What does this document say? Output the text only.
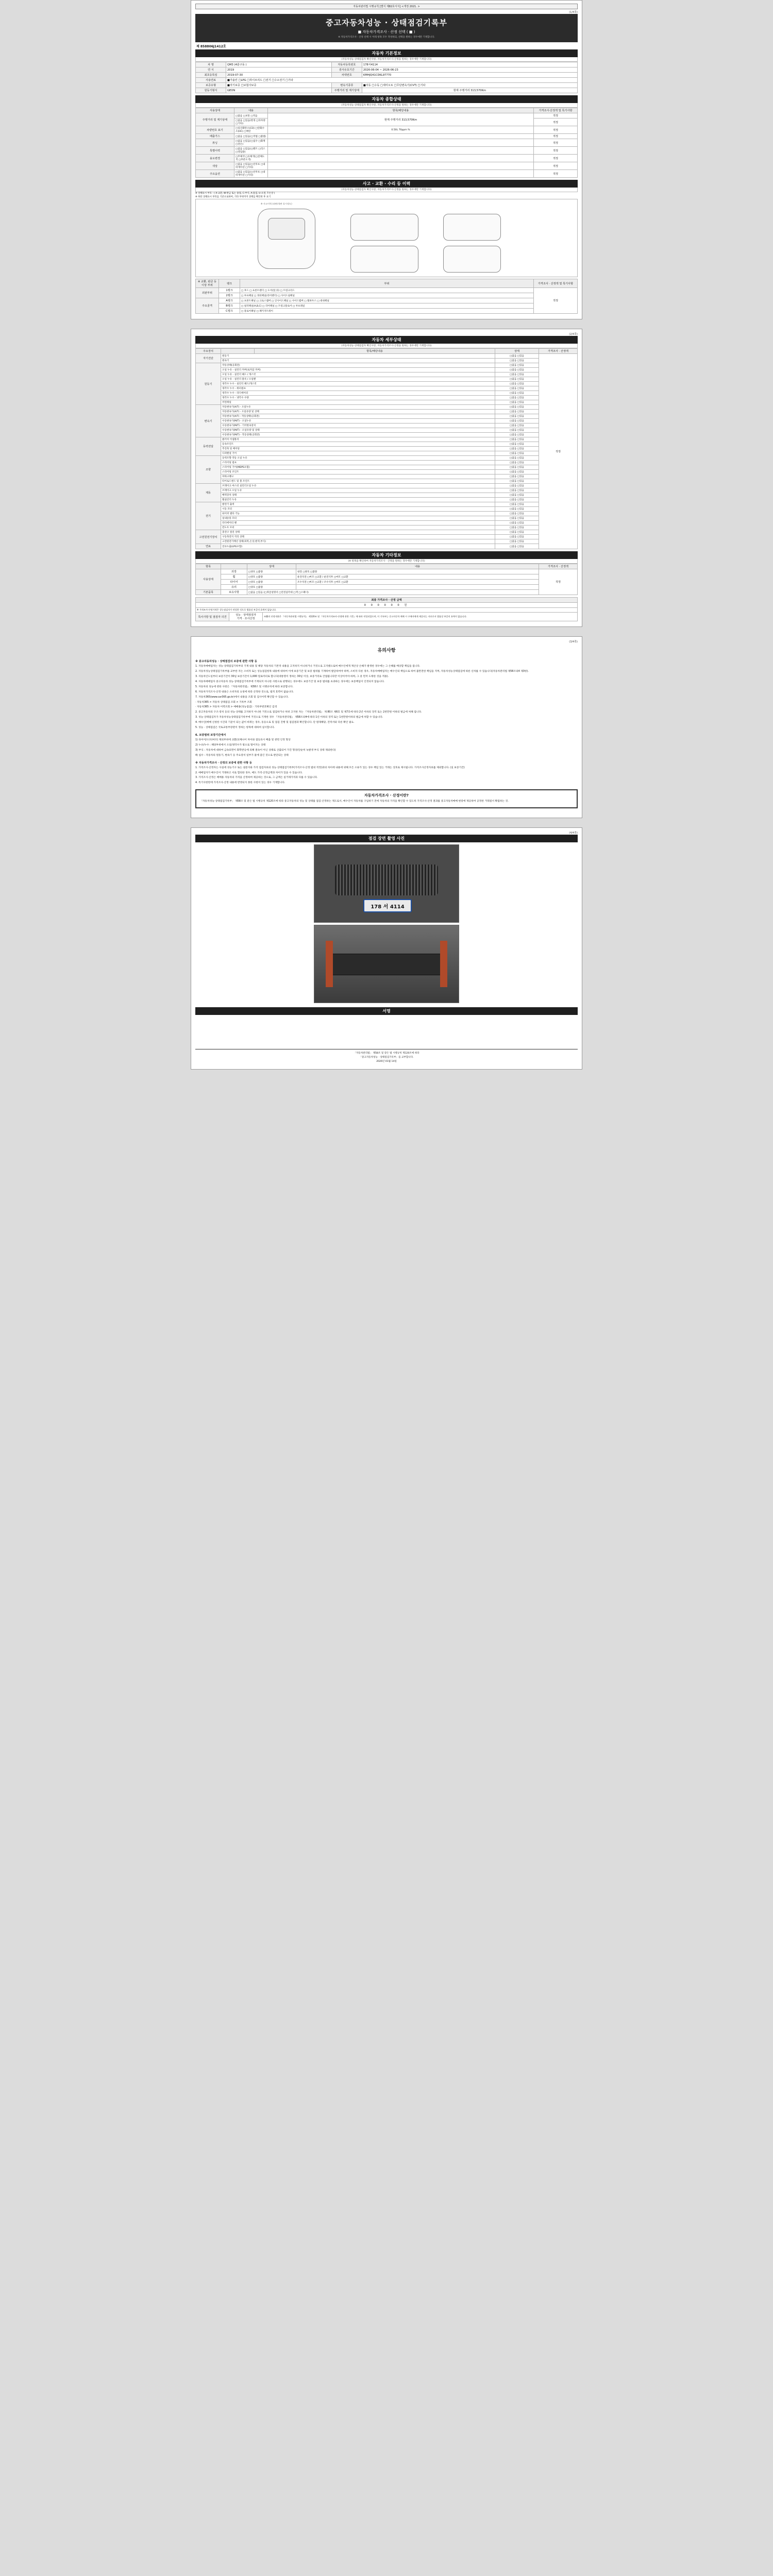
자동차관리법 시행규칙 [별지 제82호서식] <개정 2021. >
(1/4쪽)
중고자동차성능 · 상태점검기록부
■ 자동차가격조사 · 산정 선택 ( ■ )
※ 자동차가격조사 · 산정 선택 시 아래 항목 모두 작성하되, 선택을 원하는 경우에만 기재합니다.
제 858806J1412호
자동차 기본정보
(자동차성능·상태점검자 확인사항, 자동차가격조사·산정을 원하는 경우에만 기재합니다)
차 명	QM3 (4륜구동 )	자동차등록번호	178서4114
연 식	2019	검사유효기간	2026-06-04 ~ 2026-06-23
최초등록일	2019-07-30	차대번호	KMHJQ41CDKL97770
사용연료	■가솔린 □LPG □하이브리드 □전기 □수소전기 □기타		
보증유형	■자기보증 □보험사보증	변속기종류	■자동 □수동 □세미오토 □무단변속기(CVT) □기타
원동기형식	GEON	주행거리 및 계기상태	현재 주행거리 313,570Km
자동차 종합상태
(자동차성능·상태점검자 확인사항, 자동차가격조사·산정을 원하는 경우에만 기재합니다)
사용상태	내용	항목/해당내용	가격조사·산정액 및 특기사항
주행거리 및 계기상태	□많음 □보통 □적음	현재 주행거리 313,570Km	적정
	□없음 □있음(변경 □타차량 □기타)		적정
차량번호 표기	□일산화탄소(CO) □탄화수소(HC) □매연	0.50L 70ppm %	적정
배출가스	□없음 □있음(□적법 □불법)		적정
튜닝	□없음 □있음(□침수 □화재 □전손)		적정
특별이력	□없음 □있음(□렌트 □리스 □영업용)		적정
용도변경	□무채색 □유채색(□전체도색 □부분도색)		적정
색상	□없음 □있음(□선루프 □내비게이션 □기타)		적정
주요옵션	□없음 □있음(□선루프 □내비게이션 □기타)		적정
사고 · 교환 · 수리 등 이력
(자동차성능·상태점검자 확인사항, 자동차가격조사·산정을 원하는 경우에만 기재합니다)
※ 상태표시 부호 : ( X:교환, W:판금 또는 용접, C:부식, A:흠집, U:요철, T:손상 )
※ 하단 상태표시 부호를 기준으로하여, 기타 부위까지 상태를 확인한 후 표기
※ 사고이력 (외판/내판 표시정도)
※ 교환, 판금 등 이상 부위	랭크	부위	가격조사 · 산정액 및 특기사항
외판부위	1랭크	□ 후드 □ 프론트펜더 □ 도어(앞,뒤) □ 트렁크리드	적정
	2랭크	□ 루프패널 □ 쿼터패널(리어펜더) □ 사이드실패널	
주요골격	A랭크	□ 프론트패널 □ 크로스멤버 □ 인사이드패널 □ 사이드멤버 □ 휠하우스 □ 대쉬패널	
	B랭크	□ 필러패널(A,B,C) □ 리어패널 □ 트렁크플로어 □ 루프레일	
	C랭크	□ 플로어패널 □ 패키지트레이	
(2/4쪽)
자동차 세부상태
(자동차성능·상태점검자 확인사항, 자동차가격조사·산정을 원하는 경우에만 기재합니다)
주요장치		항목/해당내용	상태	가격조사 · 산정액
자기진단	원동기		□없음 □있음	적정
	변속기		□없음 □있음	
원동기	작동상태(공회전)		□없음 □있음	
	오일 누유 - 실린더 커버(로커암 커버)		□없음 □있음	
	오일 누유 - 실린더 헤드 / 개스킷		□없음 □있음	
	오일 누유 - 실린더 블록 / 오일팬		□없음 □있음	
	냉각수 누수 - 실린더 헤드/개스킷		□없음 □있음	
	냉각수 누수 - 워터펌프		□없음 □있음	
	냉각수 누수 - 라디에이터		□없음 □있음	
	냉각수 누수 - 냉각수 수량		□없음 □있음	
	커먼레일		□없음 □있음	
변속기	자동변속기(A/T) - 오일누유		□없음 □있음	
	자동변속기(A/T) - 오일유량 및 상태		□없음 □있음	
	자동변속기(A/T) - 작동상태(공회전)		□없음 □있음	
	수동변속기(M/T) - 오일누유		□없음 □있음	
	수동변속기(M/T) - 기어변속장치		□없음 □있음	
	수동변속기(M/T) - 오일유량 및 상태		□없음 □있음	
	수동변속기(M/T) - 작동상태(공회전)		□없음 □있음	
동력전달	클러치 어셈블리		□없음 □있음	
	등속조인트		□없음 □있음	
	추진축 및 베어링		□없음 □있음	
	디퍼렌셜 기어		□없음 □있음	
조향	동력조향 작동 오일 누유		□없음 □있음	
	스티어링 펌프		□없음 □있음	
	스티어링 기어(MDPS포함)		□없음 □있음	
	스티어링 조인트		□없음 □있음	
	파워크랭크		□없음 □있음	
	타이로드엔드 및 볼 조인트		□없음 □있음	
제동	브레이크 마스터 실린더오일 누유		□없음 □있음	
	브레이크 오일 누유		□없음 □있음	
	배력장치 상태		□없음 □있음	
	휠실린더 누유		□없음 □있음	
전기	발전기 출력		□없음 □있음	
	시동 모터		□없음 □있음	
	와이퍼 델타 기능		□없음 □있음	
	실내송풍 모터		□없음 □있음	
	라디에이터 팬		□없음 □있음	
	윈도우 모터		□없음 □있음	
고전원전기장치	충전구 절연 상태		□없음 □있음	
	구동축전지 격리 상태		□없음 □있음	
	고전원전기배선 상태(피복,손상,변색,부식)		□없음 □있음	
연료	연료누출(LPG포함)		□없음 □있음	
자동차 기타정보
(※ 항목을 확인하여 자동차가격조사 · 산정을 원하는 경우에만 기재합니다)
항목		상태	내용	가격조사 · 산정액
사용상태	외장	□양호 □불량	내장 □양호 □불량	적정
	휠	□양호 □불량	운전석전 □마모 □교환 / 운전석후 □마모 □교환	
	타이어	□양호 □불량	조수석전 □마모 □교환 / 조수석후 □마모 □교환	
	유리	□양호 □불량		
기본품목	보유사항	□없음 □있음 (□취급설명서 □안전삼각대 □잭 □스패너)		
최종 가격조사 · 산정 금액
0 0 0 0 0 0 원
※ 가격조사·산정가격은 성능점검자가 작성한 것으로 법률상 보증의 효력이 없습니다.
특이사항 및 점검자 의견	
성능 · 상태점검자
가격 · 조사산정
	조費의 산정내용은 『자동차관리법 시행규칙』 제120조 및 『자동차가격조사·산정에 관한 기준』에 따라 작성되었으며, 이 기록부는 중고자동차 매매 시 구매자에게 제공되는 자료로서 법률상 보증의 효력이 없습니다.
(3/4쪽)
유의사항
※ 중고자동차성능 · 상태점검의 보증에 관한 사항 등
1. 자동차매매업자는 성능·상태점검기록부의 기재 내용 및 해당 자동차의 기본적 내용을 고지하지 아니하거나 거짓으로 고지했으로써 매수인에게 재산상 손해가 발생한 경우에는 그 손해를 배상할 책임을 집니다.
2. 자동차성능상태점검기록부를 교부한 자는 소비자 또는 성능점검항목 내용에 대하여 이에 보증기간 및 보증 범위를 기재하여 발급하여야 하며, 소비자 다른 경우, 자동차매매업자는 매수인의 책임으로 하여 불완전한 책임을 지며, 자동차성능상태점검에 따른 신차를 수 있습니다(자동차관리법 제58조의4 제3항).
3. 자동차인도일부터 보증기간이 30일 보증기간이 1,000 킬로미터로 합니다(대통령이 정하는 30일 이상, 보증거리로 간접됩니다만 이상이어야 하며, 그 중 먼저 도래한 것을 적용).
4. 자동차매매업자 중고자동차 성능·상태점검기록부에 기재되지 아니한 사항으로 판명되는 경우에도 보증기간 및 보증 범위를 초과하는 경우에는 보증책임이 인정되지 않습니다.
5. 자동차의 성능에 관한 사항은 『자동차관리법』 제58조 및 시행규칙에 따라 보증합니다.
6. 자동차가격조사·산정 내용은 소비자의 요청에 따라 산정한 것으로, 법적 효력이 없습니다.
7. 자동차365(www.car365.go.kr)에서 내용을 조회 및 검사이력 확인할 수 있습니다.
· 자동차365 > 자동차 상태점검 조회 > 기록부 조회
· 자동차365 > 자동차 이력조회 > 매매용(성능점검) · 기록부번호확인 검색
2. 중고자동차의 구조·장치 등의 성능·상태를 고지하지 아니한 거짓으로 점검하거나 허위 고지한 자는 『자동차관리법』 제 80조 제6호 및 제7호에 따라 2년 이하의 징역 또는 2천만원 이하의 벌금에 처해 집니다.
3. 성능·상태점검자가 자동차성능상태점검기록부에 거짓으로 기재한 경우 『자동차관리법』 제58조의4에 따라 1년 이하의 징역 또는 1천만원이하의 벌금에 처할 수 있습니다.
4. 매수인(매매 신청한 시간과 기준이 되는 값이 바뀌는 경우, 동등으로 및 점검 진행 및 점검결과 확인합니다. 단 원래해당, 견적서와 다른 확인 필요.
5. 성능 · 상태점검은 국토교통부장관이 정하는 항목에 대하여 실시합니다.
6. 보증범위 보장기간에서
1) 타이어/소모(마모) 제외부위에 교환/교체나이 차이와 점등표시 배출 및 관련 인정 형상
2) 누유/누수 : 해당부위에서 오일/냉각수가 밖으로 떨어지는 상태
3) 부식 : 자동차에 대하여 금속표면이 화학반응에 의해 결속이 아닌 상태로 산출되어 가진 형상(단순히 녹발생 부식 상태 제외한다)
4) 침수 : 자동차의 원동기, 변속기 등 주요장치 일부가 물에 잠긴 것으로 판단되는 상태
※ 자동차가격조사 · 산정의 보증에 관한 사항 등
1. 가격조사·산정자는 사실에 성능기구 또는 설문지와 가격 점검자료의 성능·상태점검기록부(가격조사·산정 범위 적정)과의 차이에 내용에 위해 모든 오류가 있는 경우 책임 있는 거래는 상호로 제시됩니다. 가격조사산정자료를 제외합니다. (실 보증기간)
2. 매매업자가 매수인이 거래하고 서로 합의한 경우, 매도 가격·산정금액과 차이가 있을 수 있습니다.
3. 가격조사·산정은 매매용 자동차의 가격을 산정하여 제공하는 것으로, 그 금액은 실거래가격과 다를 수 있습니다.
4. 특기사항란에 가격조사·산정 내용에 반영되지 못한 사항이 있는 경우 기재합니다.
자동차가격조사 · 산정이란?
「자동차성능·상태점검기록부」 제58조 및 같은 법 시행규칙 제120조에 따라 중고자동차의 성능 및 상태를 점검·산정하는 제도로서, 매수인이 자동차를 구입하기 전에 자동차의 가격을 확인할 수 있도록 가격조사·산정 결과를 중고자동차매매 현장에 제공하여 공정한 거래질서 확립하는 것.
(4/4쪽)
점검 장면 촬영 사진
178 서 4114
서명
「자동차관리법」 제58조 및 같은 법 시행규칙 제120조에 따라
「중고자동차성능 · 상태점검기록부」를 교부합니다.
2026년 01월 14일
